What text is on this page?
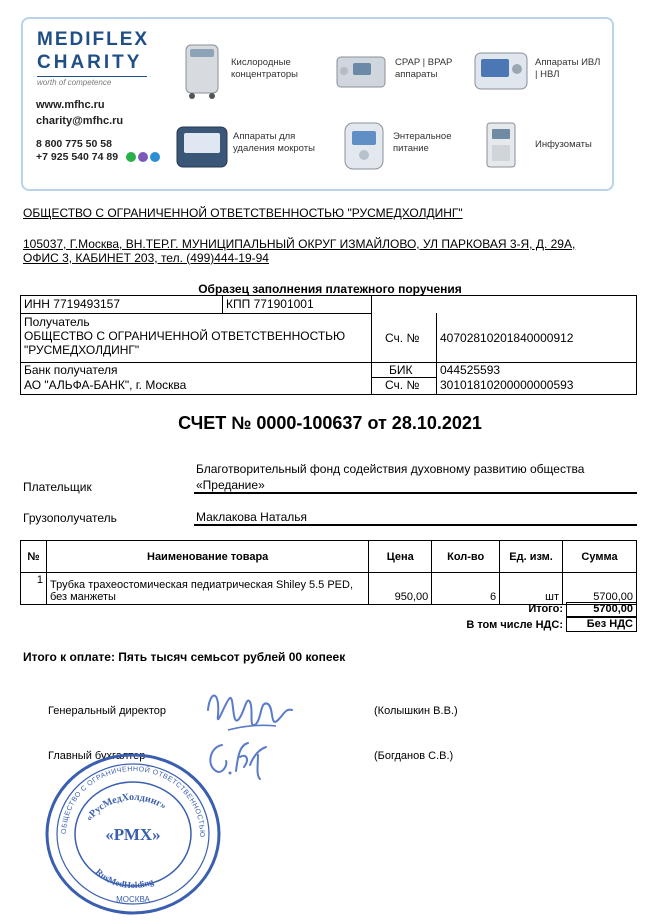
MEDIFLEX
CHARITY
worth of competence
www.mfhc.ru
charity@mfhc.ru
8 800 775 50 58
+7 925 540 74 89
Кислородные концентраторы
CPAP | BPAP аппараты
Аппараты ИВЛ | НВЛ
Аппараты для удаления мокроты
Энтеральное питание	Инфузоматы
ОБЩЕСТВО С ОГРАНИЧЕННОЙ ОТВЕТСТВЕННОСТЬЮ "РУСМЕДХОЛДИНГ"
105037, Г.Москва, ВН.ТЕР.Г. МУНИЦИПАЛЬНЫЙ ОКРУГ ИЗМАЙЛОВО, УЛ ПАРКОВАЯ 3-Я, Д. 29А,
ОФИС 3, КАБИНЕТ 203, тел. (499)444-19-94
Образец заполнения платежного поручения
ИНН 7719493157	КПП 771901001
Получатель
ОБЩЕСТВО С ОГРАНИЧЕННОЙ ОТВЕТСТВЕННОСТЬЮ
"РУСМЕДХОЛДИНГ"
Сч. № 40702810201840000912
Банк получателя
АО "АЛЬФА-БАНК", г. Москва
БИК 044525593
Сч. № 30101810200000000593
СЧЕТ № 0000-100637 от 28.10.2021
Плательщик
Благотворительный фонд содействия духовному развитию общества
«Предание»
Грузополучатель	Маклакова Наталья
№	Наименование товара	Цена	Кол-во	Ед. изм.	Сумма
1	Трубка трахеостомическая педиатрическая Shiley 5.5 PED,
без манжеты	950,00	6	шт	5700,00
Итого:	5700,00
В том числе НДС:	Без НДС
Итого к оплате: Пять тысяч семьсот рублей 00 копеек
Генеральный директор	(Колышкин В.В.)
Главный бухгалтер	(Богданов С.В.)
ОБЩЕСТВО С ОГРАНИЧЕННОЙ ОТВЕТСТВЕННОСТЬЮ
«РусМедХолдинг»
RusMedHolding
«РМХ»
МОСКВА
